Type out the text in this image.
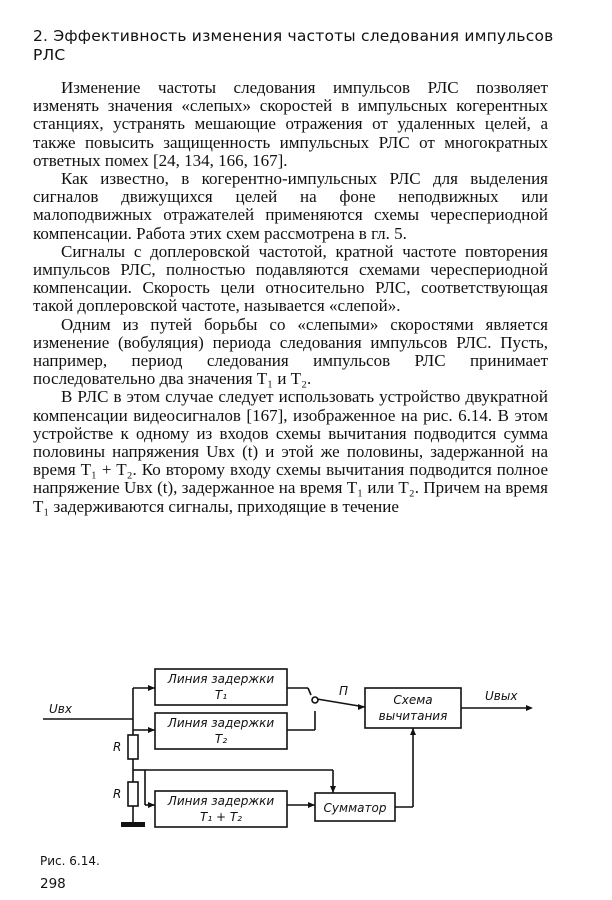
2. Эффективность изменения частоты следования импульсов РЛС

Изменение частоты следования импульсов РЛС позволяет изменять значения «слепых» скоростей в импульсных когерентных станциях, устранять мешающие отражения от удаленных целей, а также повысить защищенность импульсных РЛС от многократных ответных помех [24, 134, 166, 167].

Как известно, в когерентно-импульсных РЛС для выделения сигналов движущихся целей на фоне неподвижных или малоподвижных отражателей применяются схемы череспериодной компенсации. Работа этих схем рассмотрена в гл. 5.

Сигналы с доплеровской частотой, кратной частоте повторения импульсов РЛС, полностью подавляются схемами череспериодной компенсации. Скорость цели относительно РЛС, соответствующая такой доплеровской частоте, называется «слепой».

Одним из путей борьбы со «слепыми» скоростями является изменение (вобуляция) периода следования импульсов РЛС. Пусть, например, период следования импульсов РЛС принимает последовательно два значения T₁ и T₂.

В РЛС в этом случае следует использовать устройство двукратной компенсации видеосигналов [167], изображенное на рис. 6.14. В этом устройстве к одному из входов схемы вычитания подводится сумма половины напряжения Uвх (t) и этой же половины, задержанной на время T₁ + T₂. Ко второму входу схемы вычитания подводится полное напряжение Uвх (t), задержанное на время T₁ или T₂. Причем на время T₁ задерживаются сигналы, приходящие в течение

Линия задержки
T₁
Линия задержки
T₂
Линия задержки
T₁ + T₂
Схема
вычитания
Сумматор
Uвх
Uвых
П
R
R
Рис. 6.14.
298
